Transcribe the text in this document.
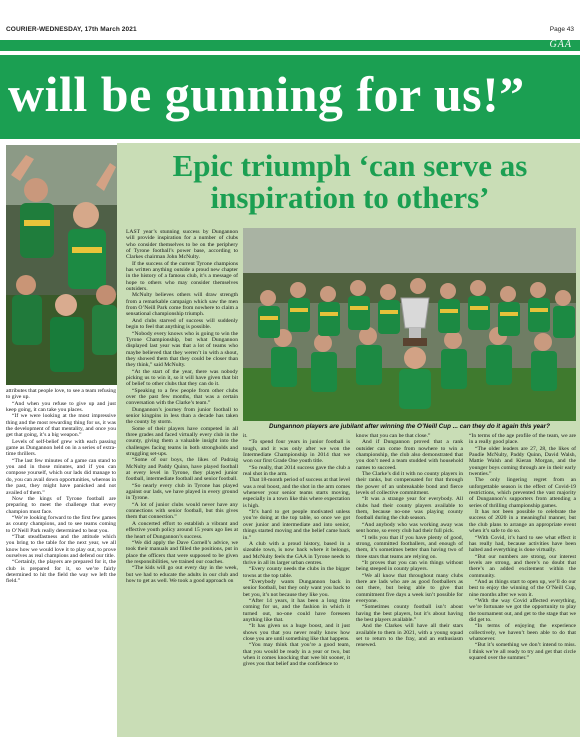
COURIER-WEDNESDAY, 17th March 2021	Page 43
GAA
will be gunning for us!”
Epic triumph ‘can serve as inspiration to others’
Dungannon players are jubilant after winning the O’Neill Cup ... can they do it again this year?

attributes that people love, to see a team refusing to give up.

“And when you refuse to give up and just keep going, it can take you places.

“If we were looking at the most impressive thing and the most rewarding thing for us, it was the development of that mentality, and once you get that going, it’s a big weapon.”

Levels of self-belief grew with each passing game as Dungannon held on in a series of extra-time thrillers.

“The last few minutes of a game can stand to you and in those minutes, and if you can compose yourself, which our lads did manage to do, you can avail down opportunities, whereas in the past, they might have panicked and not availed of them.”

Now the kings of Tyrone football are preparing to meet the challenge that every champion must face.

“We’re looking forward to the first few games as county champions, and to see teams coming to O’Neill Park really determined to beat you.

“That steadfastness and the attitude which you bring to the table for the next year, we all know how we would love it to play out, to prove ourselves as real champions and defend our title.

“Certainly, the players are prepared for it, the club is prepared for it, so we’re fairly determined to hit the field the way we left the field.”

LAST year’s stunning success by Dungannon will provide inspiration for a number of clubs who consider themselves to be on the periphery of Tyrone football’s power base, according to Clarkes chairman John McNulty.

If the success of the current Tyrone champions has written anything outside a proud new chapter in the history of a famous club, it’s a message of hope to others who may consider themselves outsiders.

McNulty believes others will draw strength from a remarkable campaign which saw the men from O’Neill Park come from nowhere to claim a sensational championship triumph.

And clubs starved of success will suddenly begin to feel that anything is possible.

“Nobody every knows who is going to win the Tyrone Championship, but what Dungannon displayed last year was that a lot of teams who maybe believed that they weren’t in with a shout, they showed them that they could be closer than they think,” said McNulty.

“At the start of the year, there was nobody picking us to win it, so it will have given that bit of belief to other clubs that they can do it.

“Speaking to a few people from other clubs over the past few months, that was a certain conversation with the Clarke’s team.”

Dungannon’s journey from junior football to senior kingpins in less than a decade has taken the county by storm.

Some of their players have competed in all three grades and faced virtually every club in the county, giving them a valuable insight into the challenges facing teams in both strongholds and struggling set-ups.

“Some of our boys, the likes of Padraig McNulty and Paddy Quinn, have played football at every level in Tyrone, they played junior football, intermediate football and senior football.

“So nearly every club in Tyrone has played against our lads, we have played in every ground in Tyrone.

“A lot of junior clubs would never have any connections with senior football, but this gives them that connection.”

A concerted effort to establish a vibrant and effective youth policy around 15 years ago lies at the heart of Dungannon’s success.

“We did apply the Dave Cornell’s advice, we took their manuals and filled the positions, put in place the officers that were supposed to be given the responsibilities, we trained our coaches.

“The kids will go out every day in the week, but we had to educate the adults in our club and how to get as well. We took a good approach on

it.

“To spend four years in junior football is tough, and it was only after we won the Intermediate Championship in 2014 that we won our first Grade One youth title.

“So really, that 2014 success gave the club a real shot in the arm.

That 18-month period of success at that level was a real boost, and the shot in the arm comes whenever your senior teams starts moving, especially in a town like this where expectation is high.

“It’s hard to get people motivated unless you’re doing at the top table, so once we got over junior and intermediate and into senior, things started moving and the belief came back in.”

A club with a proud history, based in a sizeable town, is now back where it belongs, and McNulty feels the GAA in Tyrone needs to thrive in all its larger urban centres.

“Every county needs the clubs in the bigger towns at the top table.

“Everybody wants Dungannon back in senior football, but they only want you back to bet you, it’s not because they like you.

“After 14 years, it has been a long time coming for us, and the fashion in which it turned out, no-one could have foreseen anything like that.

“It has given us a huge boost, and it just shows you that you never really know how close you are until something like that happens.

“You may think that you’re a good team, that you would be ready in a year or two, but when it comes knocking that wee bit sooner, it gives you that belief and the confidence to

know that you can be that close.”

And if Dungannon proved that a rank outsider can come from nowhere to win a championship, the club also demonstrated that you don’t need a team studded with household names to succeed.

The Clarke’s did it with no county players in their ranks, but compensated for that through the power of an unbreakable bond and fierce levels of collective commitment.

“It was a strange year for everybody. All clubs had their county players available to them, because no-one was playing county football during the club season.

“And anybody who was working away was sent home, so every club had their full pick.

“I tells you that if you have plenty of good, strong, committed footballers, and enough of them, it’s sometimes better than having two of three stars that teams are relying on.

“It proves that you can win things without being steeped in county players.

“We all know that throughout many clubs there are lads who are as good footballers as out there, but being able to give that commitment five days a week isn’t possible for everyone.

“Sometimes county football isn’t about having the best players, but it’s about having the best players available.”

And the Clarkes will have all their stars available to them in 2021, with a young squad set to return to the fray, and an enthusiasm renewed.

“In terms of the age profile of the team, we are in a really good place.

“The older leaders are 27, 28, the likes of Paudie McNulty, Paddy Quinn, David Walsh, Mattie Walsh and Kieran Morgan, and the younger boys coming through are in their early twenties.”

The only lingering regret from an unforgettable season is the effect of Covid-19 restrictions, which prevented the vast majority of Dungannon’s supporters from attending a series of thrilling championship games.

It has not been possible to celebrate the success of 2020 in a meaningful manner, but the club plans to arrange an appropriate event when it’s safe to do so.

“With Covid, it’s hard to see what effect it has really had, because activities have been halted and everything is done virtually.

“But our numbers are strong, our interest levels are strong, and there’s no doubt that there’s an added excitement within the community.

“And as things start to open up, we’ll do our best to enjoy the winning of the O’Neill Cup, nine months after we won it.

“With the way Covid affected everything, we’re fortunate we got the opportunity to play the tournament out, and get to the stage that we did get to.

“In terms of enjoying the experience collectively, we haven’t been able to do that whatsoever.

“But it’s something we don’t intend to miss. I think we’re all ready to try and get that circle squared over the summer.”
